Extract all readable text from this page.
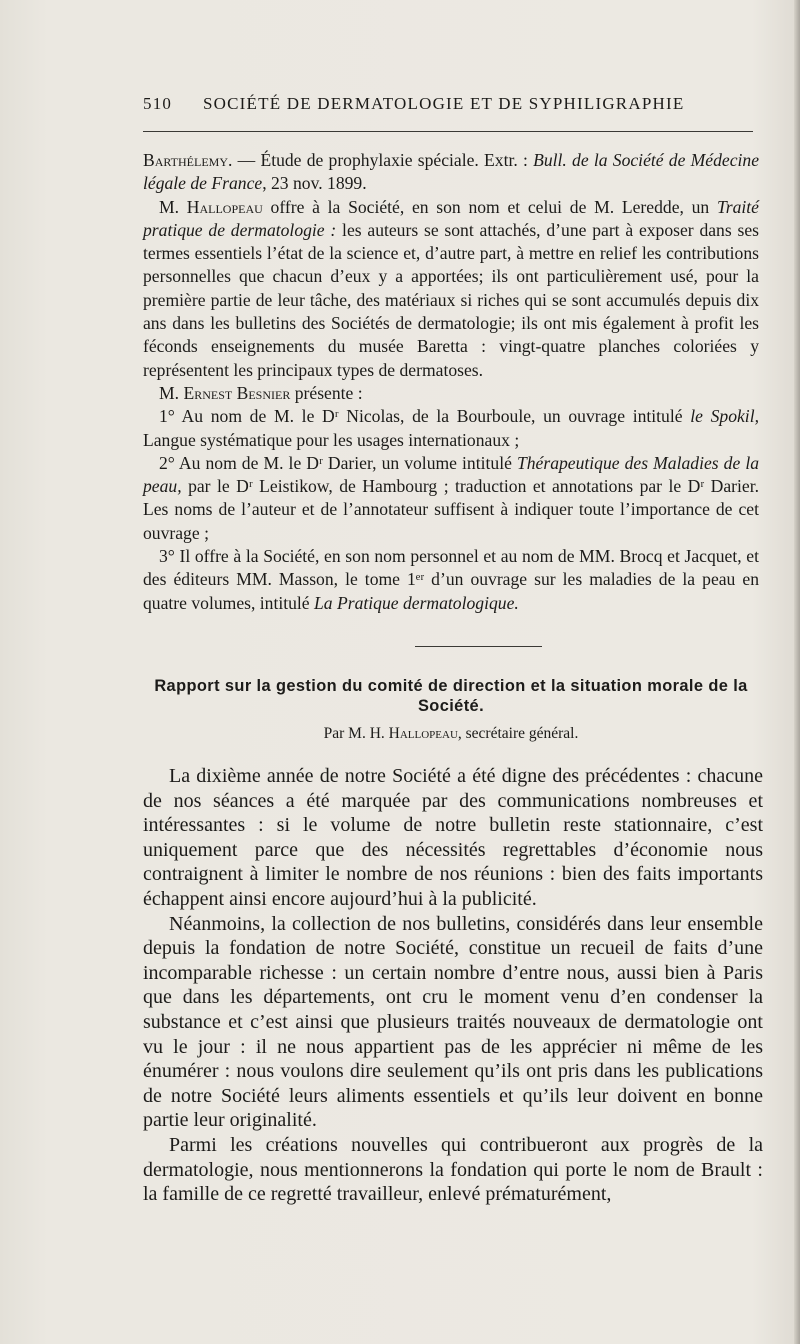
510 SOCIÉTÉ DE DERMATOLOGIE ET DE SYPHILIGRAPHIE

Barthélemy. — Étude de prophylaxie spéciale. Extr. : Bull. de la Société de Médecine légale de France, 23 nov. 1899.

M. Hallopeau offre à la Société, en son nom et celui de M. Leredde, un Traité pratique de dermatologie : les auteurs se sont attachés, d’une part à exposer dans ses termes essentiels l’état de la science et, d’autre part, à mettre en relief les contributions personnelles que chacun d’eux y a apportées; ils ont particulièrement usé, pour la première partie de leur tâche, des matériaux si riches qui se sont accumulés depuis dix ans dans les bulletins des Sociétés de dermatologie; ils ont mis également à profit les féconds enseignements du musée Baretta : vingt-quatre planches coloriées y représentent les principaux types de dermatoses.

M. Ernest Besnier présente :

1° Au nom de M. le Dʳ Nicolas, de la Bourboule, un ouvrage intitulé le Spokil, Langue systématique pour les usages internationaux ;

2° Au nom de M. le Dʳ Darier, un volume intitulé Thérapeutique des Maladies de la peau, par le Dʳ Leistikow, de Hambourg ; traduction et annotations par le Dʳ Darier. Les noms de l’auteur et de l’annotateur suffisent à indiquer toute l’importance de cet ouvrage ;

3° Il offre à la Société, en son nom personnel et au nom de MM. Brocq et Jacquet, et des éditeurs MM. Masson, le tome 1ᵉʳ d’un ouvrage sur les maladies de la peau en quatre volumes, intitulé La Pratique dermatologique.

Rapport sur la gestion du comité de direction et la situation morale de la Société.
Par M. H. Hallopeau, secrétaire général.

La dixième année de notre Société a été digne des précédentes : chacune de nos séances a été marquée par des communications nombreuses et intéressantes : si le volume de notre bulletin reste stationnaire, c’est uniquement parce que des nécessités regrettables d’économie nous contraignent à limiter le nombre de nos réunions : bien des faits importants échappent ainsi encore aujourd’hui à la publicité.

Néanmoins, la collection de nos bulletins, considérés dans leur ensemble depuis la fondation de notre Société, constitue un recueil de faits d’une incomparable richesse : un certain nombre d’entre nous, aussi bien à Paris que dans les départements, ont cru le moment venu d’en condenser la substance et c’est ainsi que plusieurs traités nouveaux de dermatologie ont vu le jour : il ne nous appartient pas de les apprécier ni même de les énumérer : nous voulons dire seulement qu’ils ont pris dans les publications de notre Société leurs aliments essentiels et qu’ils leur doivent en bonne partie leur originalité.

Parmi les créations nouvelles qui contribueront aux progrès de la dermatologie, nous mentionnerons la fondation qui porte le nom de Brault : la famille de ce regretté travailleur, enlevé prématurément,
